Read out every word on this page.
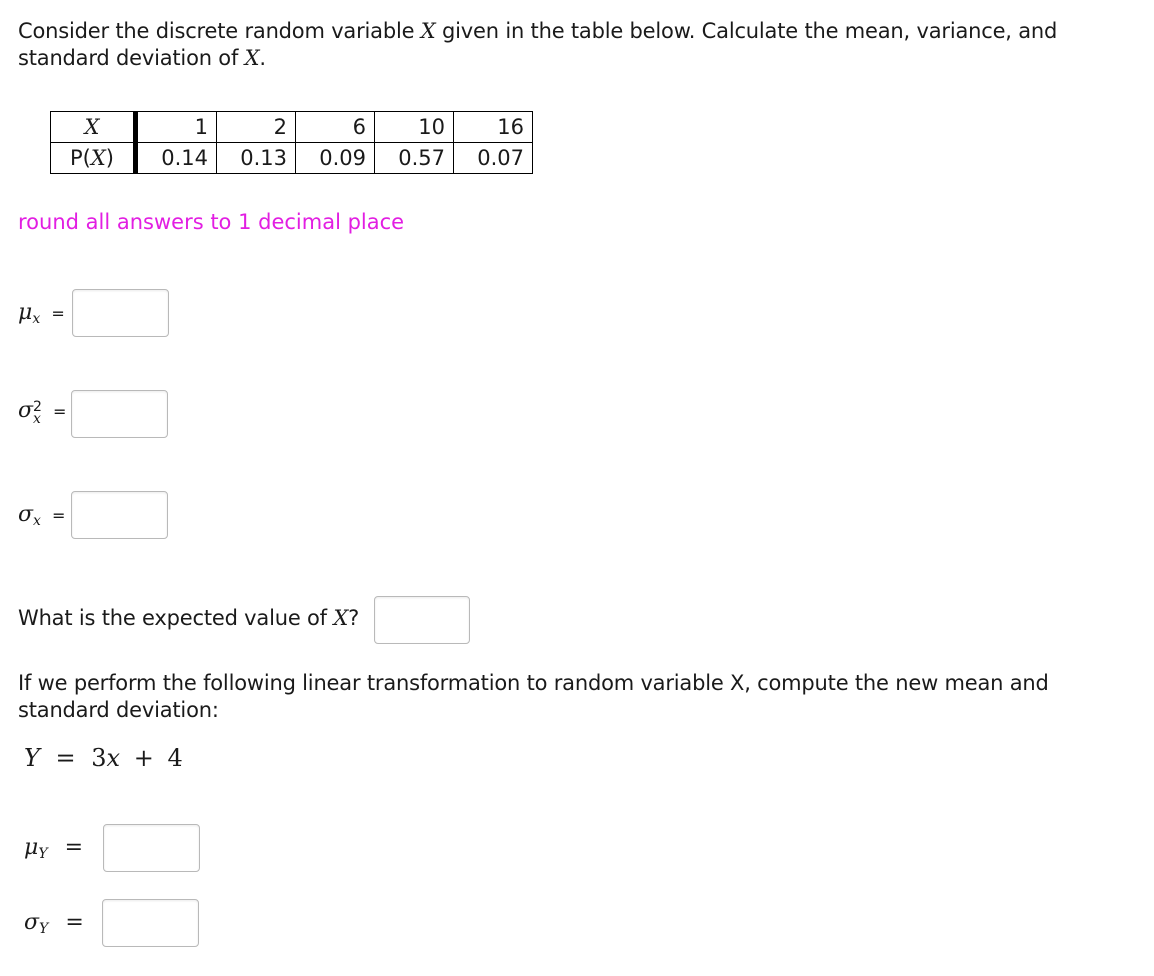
Consider the discrete random variable X given in the table below. Calculate the mean, variance, and
standard deviation of X.
X	1	2	6	10	16
P(X)	0.14	0.13	0.09	0.57	0.07
round all answers to 1 decimal place
$\mu_x$ =
σ 2
x =
$\sigma_x$ =
What is the expected value of X?
If we perform the following linear transformation to random variable X, compute the new mean and
standard deviation:
Y = 3x + 4
$\mu_Y$ =
$\sigma_Y$ =
